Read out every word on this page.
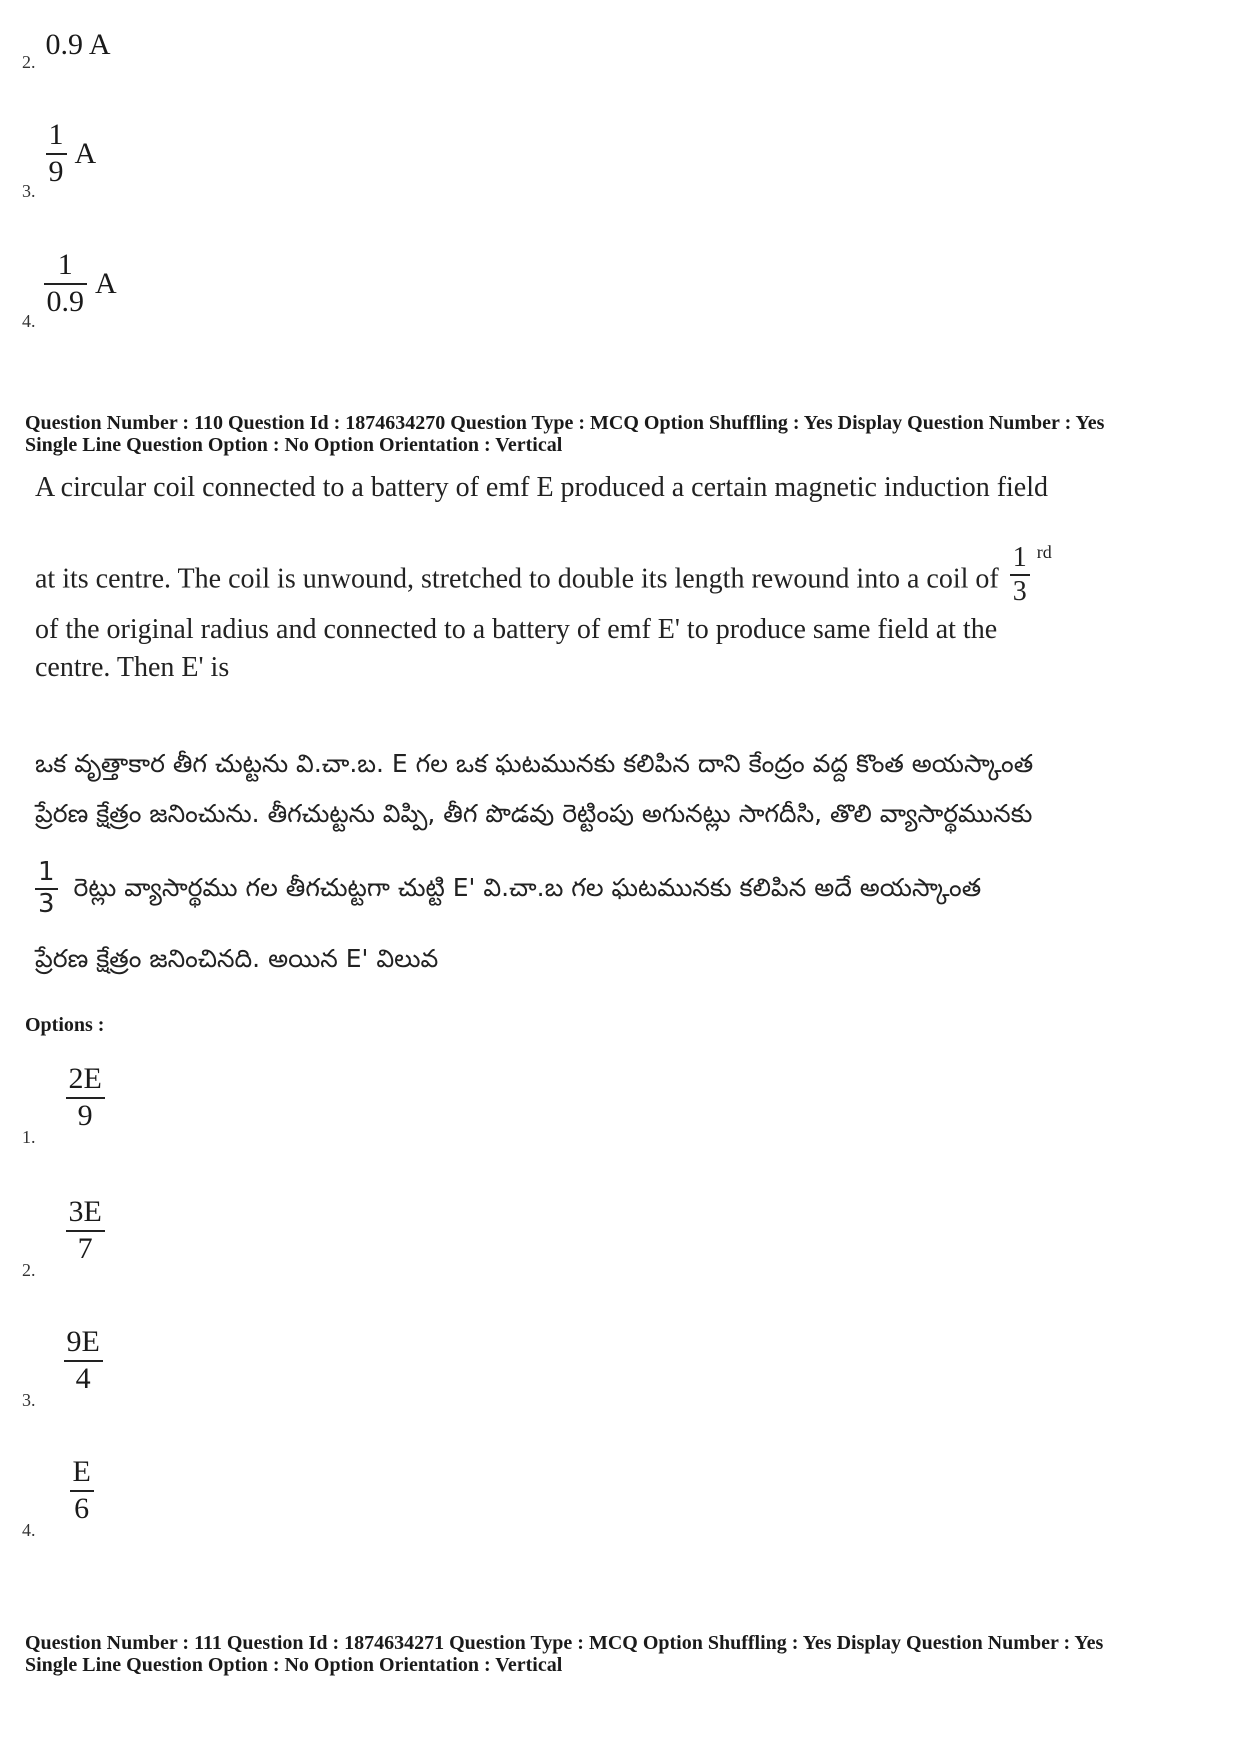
2. 0.9 A
3.
$\frac{1}{9}$ A
4.
$\frac{1}{0.9}$ A
Question Number : 110 Question Id : 1874634270 Question Type : MCQ Option Shuffling : Yes Display Question Number : Yes
Single Line Question Option : No Option Orientation : Vertical
A circular coil connected to a battery of emf E produced a certain magnetic induction field
at its centre. The coil is unwound, stretched to double its length rewound into a coil of $\frac{1}{3} ^{rd}$
of the original radius and connected to a battery of emf E' to produce same field at the
centre. Then E' is
ఒక వృత్తాకార తీగ చుట్టను వి.చా.బ. E గల ఒక ఘటమునకు కలిపిన దాని కేంద్రం వద్ద కొంత అయస్కాంత
ప్రేరణ క్షేత్రం జనించును. తీగచుట్టను విప్పి, తీగ పొడవు రెట్టింపు అగునట్లు సాగదీసి, తొలి వ్యాసార్థమునకు
$\frac{1}{3}$ రెట్లు వ్యాసార్థము గల తీగచుట్టగా చుట్టి E' వి.చా.బ గల ఘటమునకు కలిపిన అదే అయస్కాంత
ప్రేరణ క్షేత్రం జనించినది. అయిన E' విలువ
Options :
1.
$\frac{2E}{9}$
2.
$\frac{3E}{7}$
3.
$\frac{9E}{4}$
4.
$\frac{E}{6}$
Question Number : 111 Question Id : 1874634271 Question Type : MCQ Option Shuffling : Yes Display Question Number : Yes
Single Line Question Option : No Option Orientation : Vertical
